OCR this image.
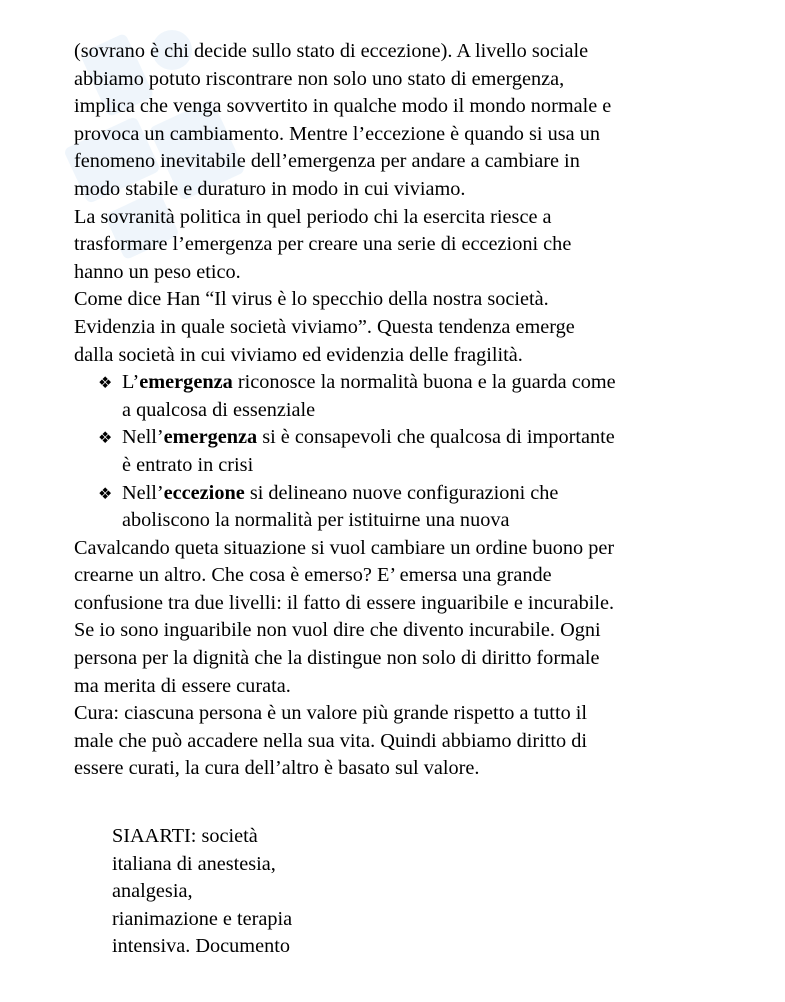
(sovrano è chi decide sullo stato di eccezione). A livello sociale
abbiamo potuto riscontrare non solo uno stato di emergenza,
implica che venga sovvertito in qualche modo il mondo normale e
provoca un cambiamento. Mentre l’eccezione è quando si usa un
fenomeno inevitabile dell’emergenza per andare a cambiare in
modo stabile e duraturo in modo in cui viviamo.
La sovranità politica in quel periodo chi la esercita riesce a
trasformare l’emergenza per creare una serie di eccezioni che
hanno un peso etico.
Come dice Han “Il virus è lo specchio della nostra società.
Evidenzia in quale società viviamo”. Questa tendenza emerge
dalla società in cui viviamo ed evidenzia delle fragilità.
❖ L’emergenza riconosce la normalità buona e la guarda come
a qualcosa di essenziale
❖ Nell’emergenza si è consapevoli che qualcosa di importante
è entrato in crisi
❖ Nell’eccezione si delineano nuove configurazioni che
aboliscono la normalità per istituirne una nuova
Cavalcando queta situazione si vuol cambiare un ordine buono per
crearne un altro. Che cosa è emerso? E’ emersa una grande
confusione tra due livelli: il fatto di essere inguaribile e incurabile.
Se io sono inguaribile non vuol dire che divento incurabile. Ogni
persona per la dignità che la distingue non solo di diritto formale
ma merita di essere curata.
Cura: ciascuna persona è un valore più grande rispetto a tutto il
male che può accadere nella sua vita. Quindi abbiamo diritto di
essere curati, la cura dell’altro è basato sul valore.
SIAARTI: società
italiana di anestesia,
analgesia,
rianimazione e terapia
intensiva. Documento
